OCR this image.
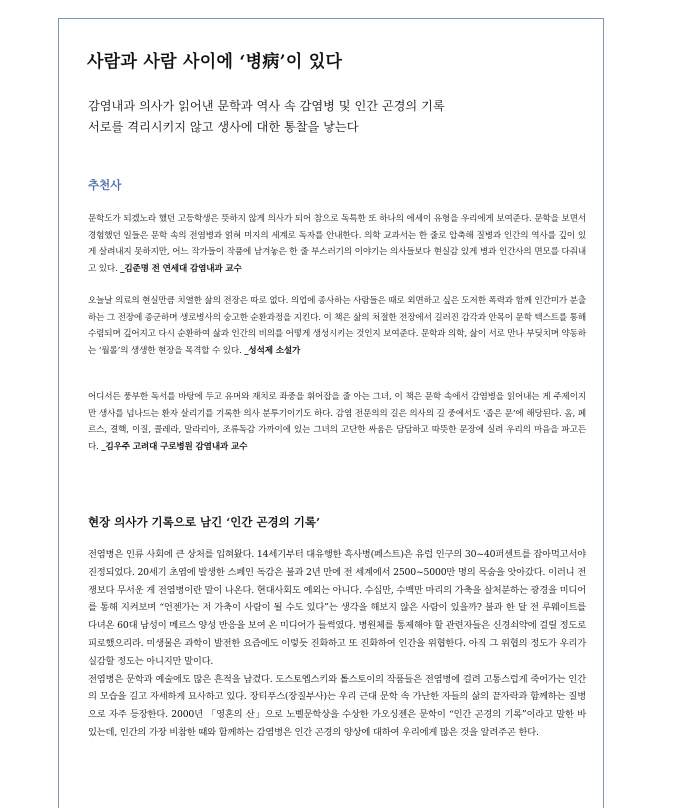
사람과 사람 사이에 ‘병病’이 있다
감염내과 의사가 읽어낸 문학과 역사 속 감염병 및 인간 곤경의 기록
서로를 격리시키지 않고 생사에 대한 통찰을 낳는다
추천사
문학도가 되겠노라 했던 고등학생은 뜻하지 않게 의사가 되어 참으로 독특한 또 하나의 에세이 유형을 우리에게 보여준다. 문학을 보면서 경험했던 일들은 문학 속의 전염병과 얽혀 미지의 세계로 독자를 안내한다. 의학 교과서는 한 줄로 압축해 질병과 인간의 역사를 깊이 있게 살려내지 못하지만, 어느 작가들이 작품에 남겨놓은 한 줄 부스러기의 이야기는 의사들보다 현실감 있게 병과 인간사의 면모를 다줘내고 있다. _김준명 전 연세대 감염내과 교수
오늘날 의료의 현실만큼 치열한 삶의 전장은 따로 없다. 의업에 종사하는 사람들은 때로 외면하고 싶은 도저한 폭력과 함께 인간미가 분출하는 그 전장에 종군하며 생로병사의 숭고한 순환과정을 지킨다. 이 책은 삶의 처절한 전장에서 길러진 감각과 안목이 문학 텍스트를 통해 수렴되며 깊어지고 다시 순환하여 삶과 인간의 비의를 어떻게 생성시키는 것인지 보여준다. 문학과 의학, 삶이 서로 만나 부딪치며 약동하는 ‘월롤’의 생생한 현장을 목격할 수 있다. _성석제 소설가
어디서든 풍부한 독서를 바탕에 두고 유머와 재치로 좌중을 휘어잡을 줄 아는 그녀, 이 책은 문학 속에서 감염병을 읽어내는 게 주제이지만 생사를 넘나드는 환자 살리기를 기록한 의사 분투기이기도 하다. 감염 전문의의 길은 의사의 길 중에서도 ‘좁은 문’에 해당된다. 옴, 페르스, 결핵, 이질, 콜레라, 말라리아, 조류독감 가까이에 있는 그녀의 고단한 싸움은 담담하고 따뜻한 문장에 실려 우리의 마음을 파고든다. _김우주 고려대 구로병원 감염내과 교수
현장 의사가 기록으로 남긴 ‘인간 곤경의 기록’
전염병은 인류 사회에 큰 상처를 입혀왔다. 14세기부터 대유행한 흑사병(페스트)은 유럽 인구의 30~40퍼센트를 잡아먹고서야 진정되었다. 20세기 초엽에 발생한 스페인 독감은 불과 2년 만에 전 세계에서 2500~5000만 명의 목숨을 앗아갔다. 이러니 전쟁보다 무서운 게 전염병이란 말이 나온다. 현대사회도 예외는 아니다. 수십만, 수백만 마리의 가축을 살처분하는 광경을 미디어를 통해 지켜보며 “언젠가는 저 가축이 사람이 될 수도 있다”는 생각을 해보지 않은 사람이 있을까? 불과 한 달 전 루웨이트를 다녀온 60대 남성이 메르스 양성 반응을 보여 온 미디어가 들썩였다. 병원체를 통제해야 할 관련자들은 신경쇠약에 걸릴 정도로 피로했으리라. 미생물은 과학이 발전한 요즘에도 이렇듯 진화하고 또 진화하여 인간을 위협한다. 아직 그 위협의 정도가 우리가 실감할 정도는 아니지만 말이다.
전염병은 문학과 예술에도 많은 흔적을 남겼다. 도스토옙스키와 톨스토이의 작품들은 전염병에 걸려 고통스럽게 죽어가는 인간의 모습을 길고 자세하게 묘사하고 있다. 장티푸스(장질부사)는 우리 근대 문학 속 가난한 자들의 삶의 끝자락과 함께하는 질병으로 자주 등장한다. 2000년 「영혼의 산」으로 노벨문학상을 수상한 가오싱젠은 문학이 “인간 곤경의 기록”이라고 말한 바 있는데, 인간의 가장 비참한 때와 함께하는 감염병은 인간 곤경의 양상에 대하여 우리에게 많은 것을 알려주곤 한다.
